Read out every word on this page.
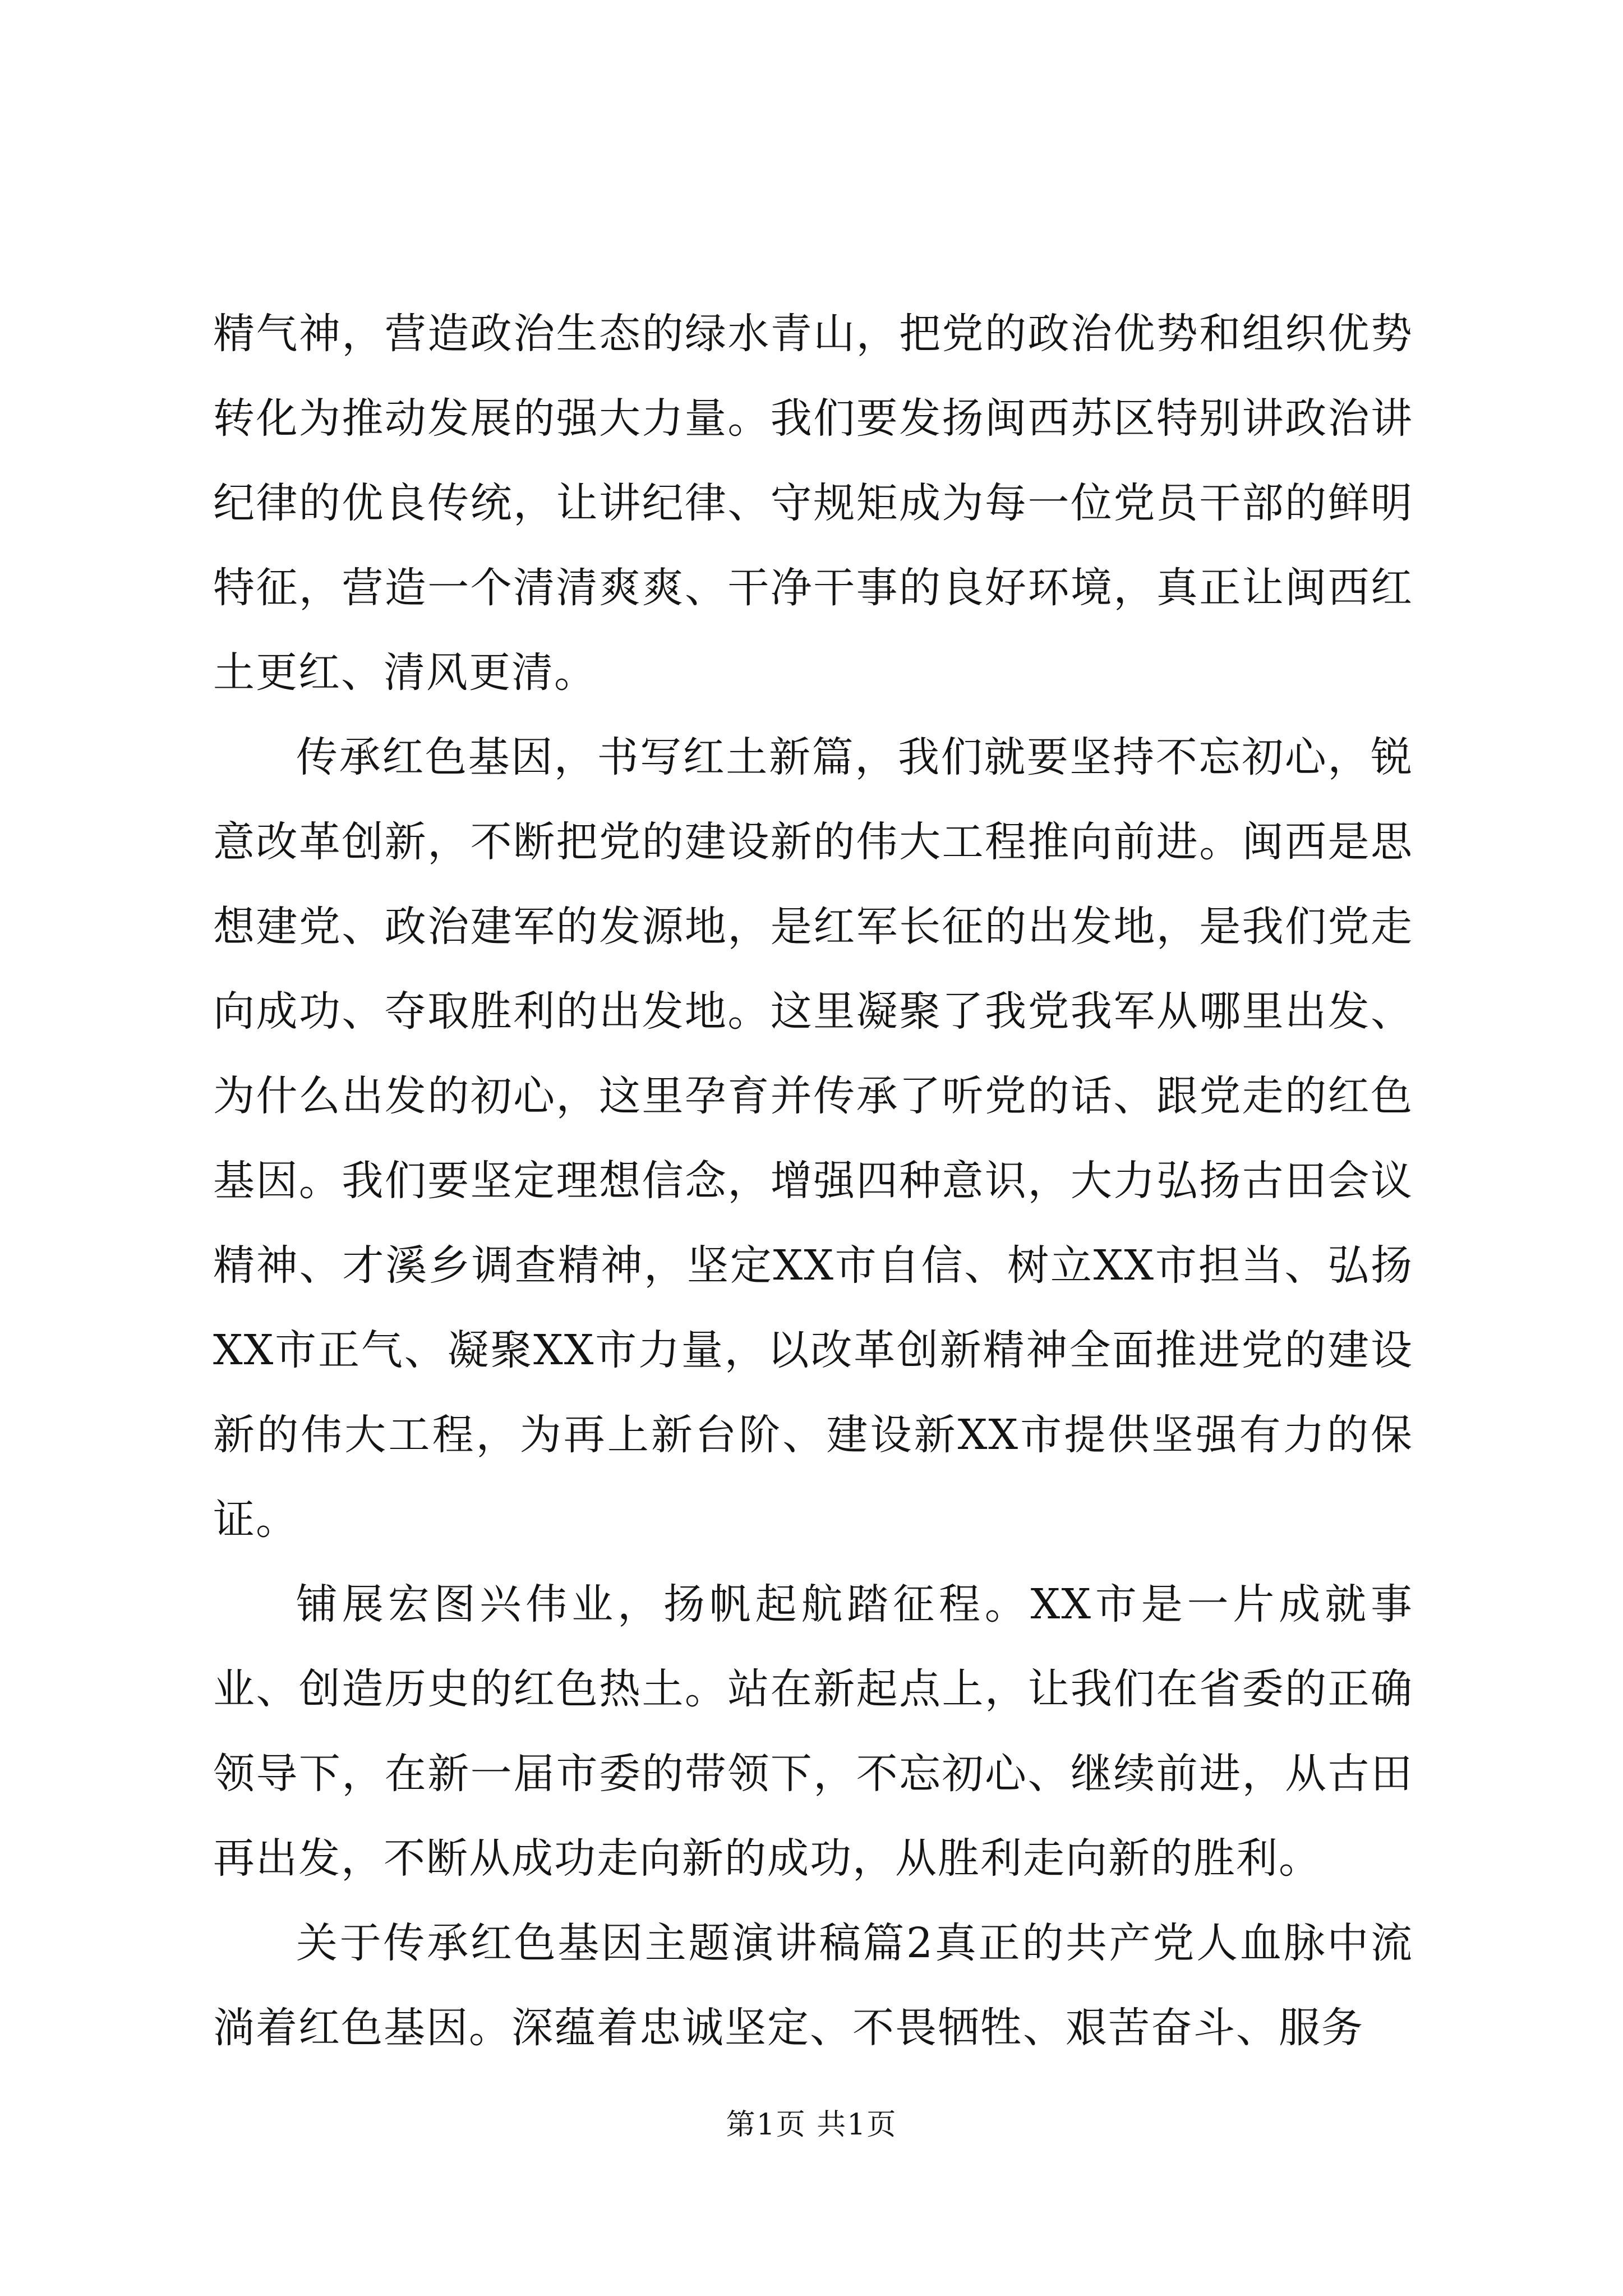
精气神，营造政治生态的绿水青山，把党的政治优势和组织优势转化为推动发展的强大力量。我们要发扬闽西苏区特别讲政治讲纪律的优良传统，让讲纪律、守规矩成为每一位党员干部的鲜明特征，营造一个清清爽爽、干净干事的良好环境，真正让闽西红土更红、清风更清。

传承红色基因，书写红土新篇，我们就要坚持不忘初心，锐意改革创新，不断把党的建设新的伟大工程推向前进。闽西是思想建党、政治建军的发源地，是红军长征的出发地，是我们党走向成功、夺取胜利的出发地。这里凝聚了我党我军从哪里出发、为什么出发的初心，这里孕育并传承了听党的话、跟党走的红色基因。我们要坚定理想信念，增强四种意识，大力弘扬古田会议精神、才溪乡调查精神，坚定XX市自信、树立XX市担当、弘扬XX市正气、凝聚XX市力量，以改革创新精神全面推进党的建设新的伟大工程，为再上新台阶、建设新XX市提供坚强有力的保证。

铺展宏图兴伟业，扬帆起航踏征程。XX市是一片成就事业、创造历史的红色热土。站在新起点上，让我们在省委的正确领导下，在新一届市委的带领下，不忘初心、继续前进，从古田再出发，不断从成功走向新的成功，从胜利走向新的胜利。

关于传承红色基因主题演讲稿篇2真正的共产党人血脉中流淌着红色基因。深蕴着忠诚坚定、不畏牺牲、艰苦奋斗、服务

第1页 共1页
